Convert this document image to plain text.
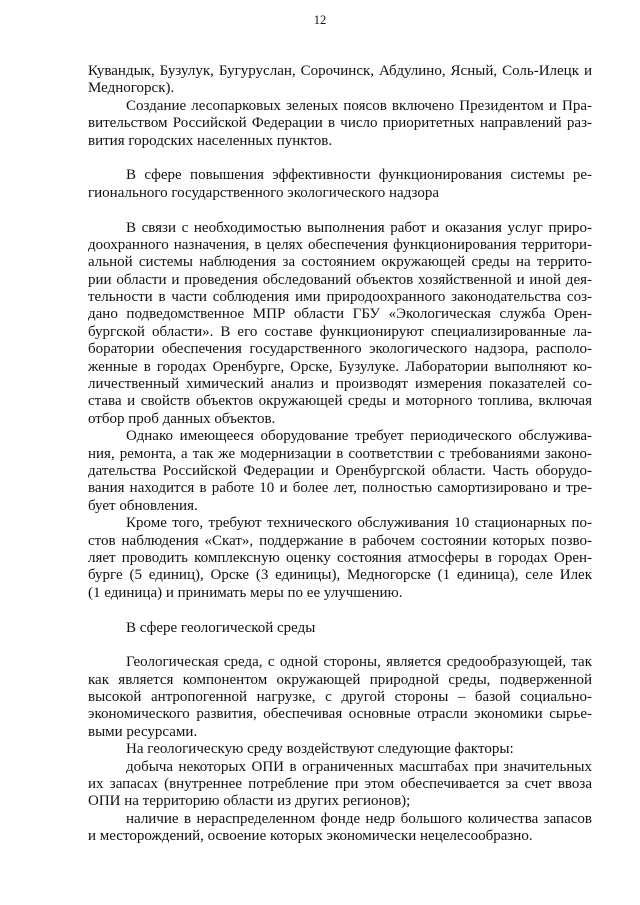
12
Кувандык, Бузулук, Бугуруслан, Сорочинск, Абдулино, Ясный, Соль-Илецк и
Медногорск).
Создание лесопарковых зеленых поясов включено Президентом и Пра-
вительством Российской Федерации в число приоритетных направлений раз-
вития городских населенных пунктов.
В сфере повышения эффективности функционирования системы ре-
гионального государственного экологического надзора
В связи с необходимостью выполнения работ и оказания услуг приро-
доохранного назначения, в целях обеспечения функционирования территори-
альной системы наблюдения за состоянием окружающей среды на террито-
рии области и проведения обследований объектов хозяйственной и иной дея-
тельности в части соблюдения ими природоохранного законодательства соз-
дано подведомственное МПР области ГБУ «Экологическая служба Орен-
бургской области». В его составе функционируют специализированные ла-
боратории обеспечения государственного экологического надзора, располо-
женные в городах Оренбурге, Орске, Бузулуке. Лаборатории выполняют ко-
личественный химический анализ и производят измерения показателей со-
става и свойств объектов окружающей среды и моторного топлива, включая
отбор проб данных объектов.
Однако имеющееся оборудование требует периодического обслужива-
ния, ремонта, а так же модернизации в соответствии с требованиями законо-
дательства Российской Федерации и Оренбургской области. Часть оборудо-
вания находится в работе 10 и более лет, полностью самортизировано и тре-
бует обновления.
Кроме того, требуют технического обслуживания 10 стационарных по-
стов наблюдения «Скат», поддержание в рабочем состоянии которых позво-
ляет проводить комплексную оценку состояния атмосферы в городах Орен-
бурге (5 единиц), Орске (3 единицы), Медногорске (1 единица), селе Илек
(1 единица) и принимать меры по ее улучшению.
В сфере геологической среды
Геологическая среда, с одной стороны, является средообразующей, так
как является компонентом окружающей природной среды, подверженной
высокой антропогенной нагрузке, с другой стороны – базой социально-
экономического развития, обеспечивая основные отрасли экономики сырье-
выми ресурсами.
На геологическую среду воздействуют следующие факторы:
добыча некоторых ОПИ в ограниченных масштабах при значительных
их запасах (внутреннее потребление при этом обеспечивается за счет ввоза
ОПИ на территорию области из других регионов);
наличие в нераспределенном фонде недр большого количества запасов
и месторождений, освоение которых экономически нецелесообразно.
